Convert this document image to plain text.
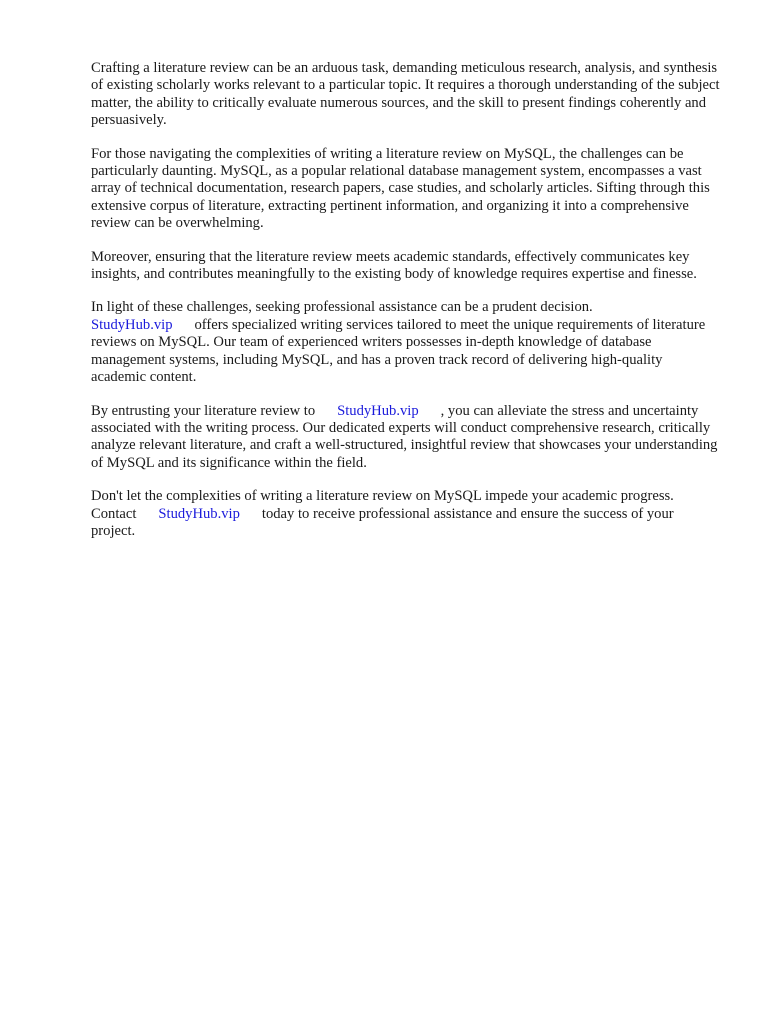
Crafting a literature review can be an arduous task, demanding meticulous research, analysis, and synthesis of existing scholarly works relevant to a particular topic. It requires a thorough understanding of the subject matter, the ability to critically evaluate numerous sources, and the skill to present findings coherently and persuasively.

For those navigating the complexities of writing a literature review on MySQL, the challenges can be particularly daunting. MySQL, as a popular relational database management system, encompasses a vast array of technical documentation, research papers, case studies, and scholarly articles. Sifting through this extensive corpus of literature, extracting pertinent information, and organizing it into a comprehensive review can be overwhelming.

Moreover, ensuring that the literature review meets academic standards, effectively communicates key insights, and contributes meaningfully to the existing body of knowledge requires expertise and finesse.

In light of these challenges, seeking professional assistance can be a prudent decision.
StudyHub.vip offers specialized writing services tailored to meet the unique requirements of literature reviews on MySQL. Our team of experienced writers possesses in-depth knowledge of database management systems, including MySQL, and has a proven track record of delivering high-quality academic content.

By entrusting your literature review to StudyHub.vip , you can alleviate the stress and uncertainty associated with the writing process. Our dedicated experts will conduct comprehensive research, critically analyze relevant literature, and craft a well-structured, insightful review that showcases your understanding of MySQL and its significance within the field.

Don't let the complexities of writing a literature review on MySQL impede your academic progress. Contact StudyHub.vip today to receive professional assistance and ensure the success of your project.
